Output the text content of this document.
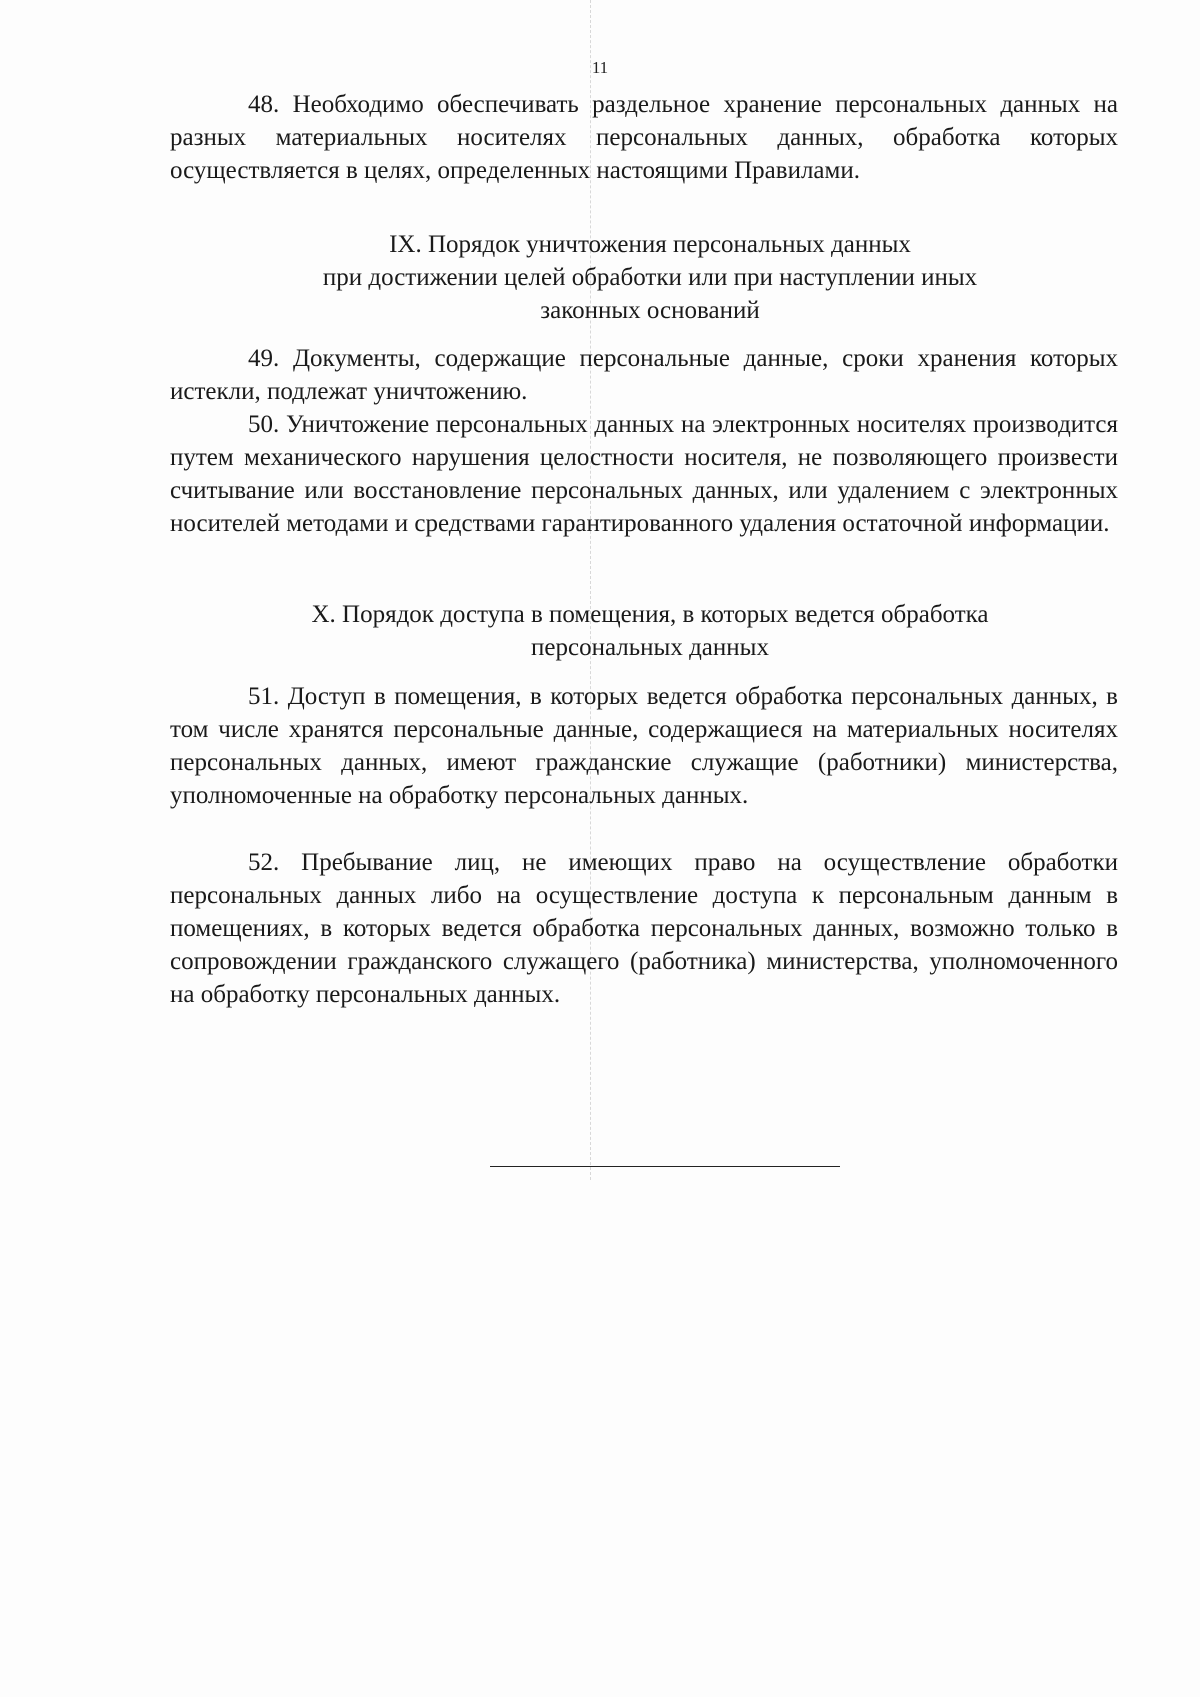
11

48. Необходимо обеспечивать раздельное хранение персональных данных на разных материальных носителях персональных данных, обработка которых осуществляется в целях, определенных настоящими Правилами.

IX. Порядок уничтожения персональных данных
при достижении целей обработки или при наступлении иных
законных оснований

49. Документы, содержащие персональные данные, сроки хранения которых истекли, подлежат уничтожению.

50. Уничтожение персональных данных на электронных носителях производится путем механического нарушения целостности носителя, не позволяющего произвести считывание или восстановление персональных данных, или удалением с электронных носителей методами и средствами гарантированного удаления остаточной информации.

X. Порядок доступа в помещения, в которых ведется обработка
персональных данных

51. Доступ в помещения, в которых ведется обработка персональных данных, в том числе хранятся персональные данные, содержащиеся на материальных носителях персональных данных, имеют гражданские служащие (работники) министерства, уполномоченные на обработку персональных данных.

52. Пребывание лиц, не имеющих право на осуществление обработки персональных данных либо на осуществление доступа к персональным данным в помещениях, в которых ведется обработка персональных данных, возможно только в сопровождении гражданского служащего (работника) министерства, уполномоченного на обработку персональных данных.
